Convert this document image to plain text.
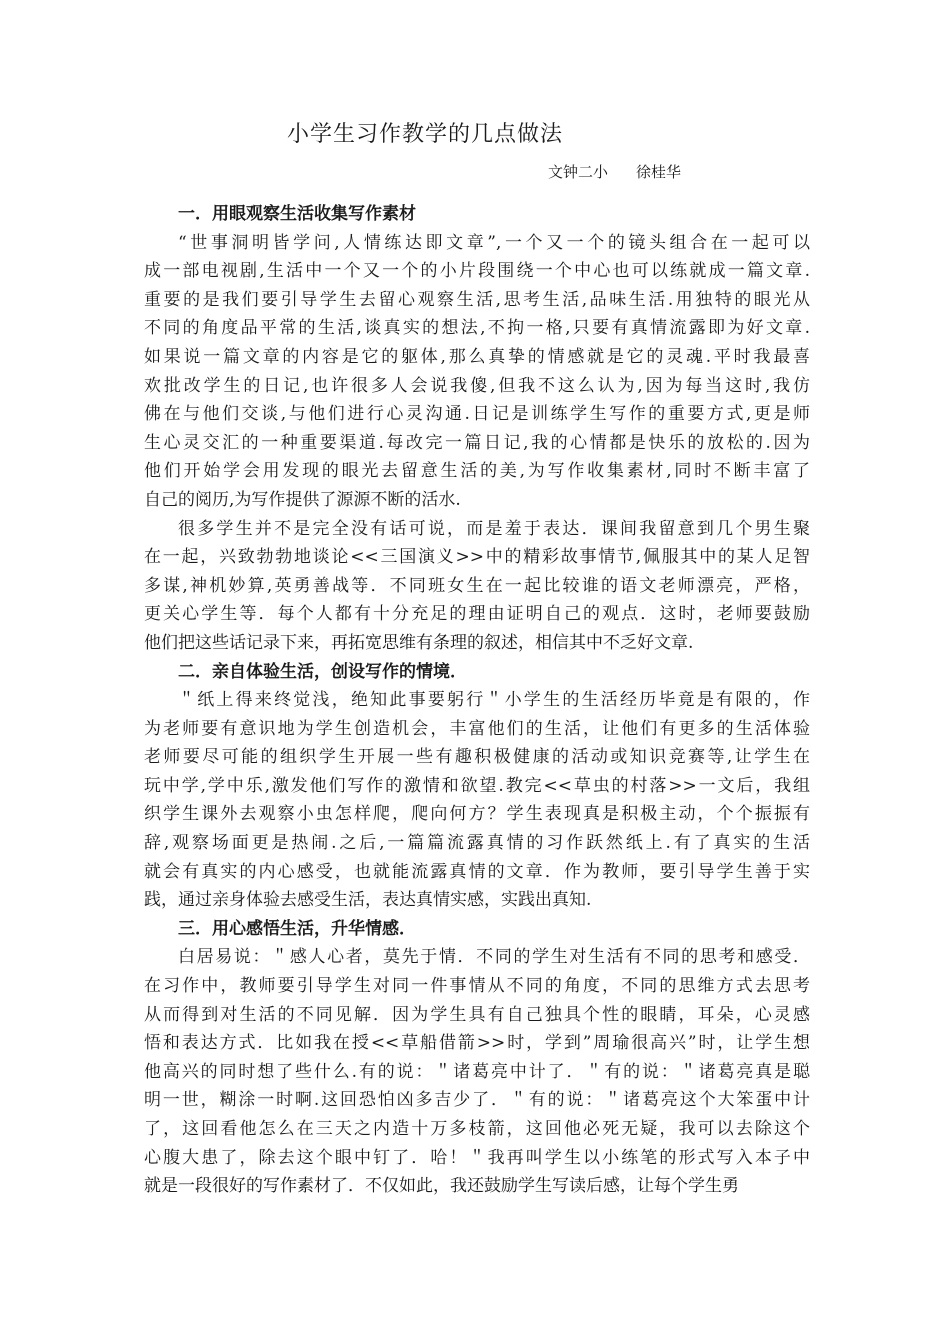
小学生习作教学的几点做法
文钟二小 徐桂华
一．用眼观察生活收集写作素材
“世事洞明皆学问,人情练达即文章”,一个又一个的镜头组合在一起可以
成一部电视剧,生活中一个又一个的小片段围绕一个中心也可以练就成一篇文章.
重要的是我们要引导学生去留心观察生活,思考生活,品味生活.用独特的眼光从
不同的角度品平常的生活,谈真实的想法,不拘一格,只要有真情流露即为好文章.
如果说一篇文章的内容是它的躯体,那么真挚的情感就是它的灵魂.平时我最喜
欢批改学生的日记,也许很多人会说我傻,但我不这么认为,因为每当这时,我仿
佛在与他们交谈,与他们进行心灵沟通.日记是训练学生写作的重要方式,更是师
生心灵交汇的一种重要渠道.每改完一篇日记,我的心情都是快乐的放松的.因为
他们开始学会用发现的眼光去留意生活的美,为写作收集素材,同时不断丰富了
自己的阅历,为写作提供了源源不断的活水.
很多学生并不是完全没有话可说，而是羞于表达．课间我留意到几个男生聚
在一起，兴致勃勃地谈论<<三国演义>>中的精彩故事情节,佩服其中的某人足智
多谋,神机妙算,英勇善战等．不同班女生在一起比较谁的语文老师漂亮，严格，
更关心学生等．每个人都有十分充足的理由证明自己的观点．这时，老师要鼓励
他们把这些话记录下来，再拓宽思维有条理的叙述，相信其中不乏好文章.
二．亲自体验生活，创设写作的情境．
＂纸上得来终觉浅，绝知此事要躬行＂小学生的生活经历毕竟是有限的，作
为老师要有意识地为学生创造机会，丰富他们的生活，让他们有更多的生活体验
老师要尽可能的组织学生开展一些有趣积极健康的活动或知识竞赛等,让学生在
玩中学,学中乐,激发他们写作的激情和欲望.教完<<草虫的村落>>一文后，我组
织学生课外去观察小虫怎样爬，爬向何方？学生表现真是积极主动，个个振振有
辞,观察场面更是热闹.之后,一篇篇流露真情的习作跃然纸上.有了真实的生活
就会有真实的内心感受，也就能流露真情的文章．作为教师，要引导学生善于实
践，通过亲身体验去感受生活，表达真情实感，实践出真知.
三．用心感悟生活，升华情感．
白居易说：＂感人心者，莫先于情．不同的学生对生活有不同的思考和感受．
在习作中，教师要引导学生对同一件事情从不同的角度，不同的思维方式去思考
从而得到对生活的不同见解．因为学生具有自己独具个性的眼睛，耳朵，心灵感
悟和表达方式．比如我在授<<草船借箭>>时，学到”周瑜很高兴”时，让学生想
他高兴的同时想了些什么.有的说：＂诸葛亮中计了．＂有的说：＂诸葛亮真是聪
明一世，糊涂一时啊.这回恐怕凶多吉少了．＂有的说：＂诸葛亮这个大笨蛋中计
了，这回看他怎么在三天之内造十万多枝箭，这回他必死无疑，我可以去除这个
心腹大患了，除去这个眼中钉了．哈！＂我再叫学生以小练笔的形式写入本子中
就是一段很好的写作素材了．不仅如此，我还鼓励学生写读后感，让每个学生勇
